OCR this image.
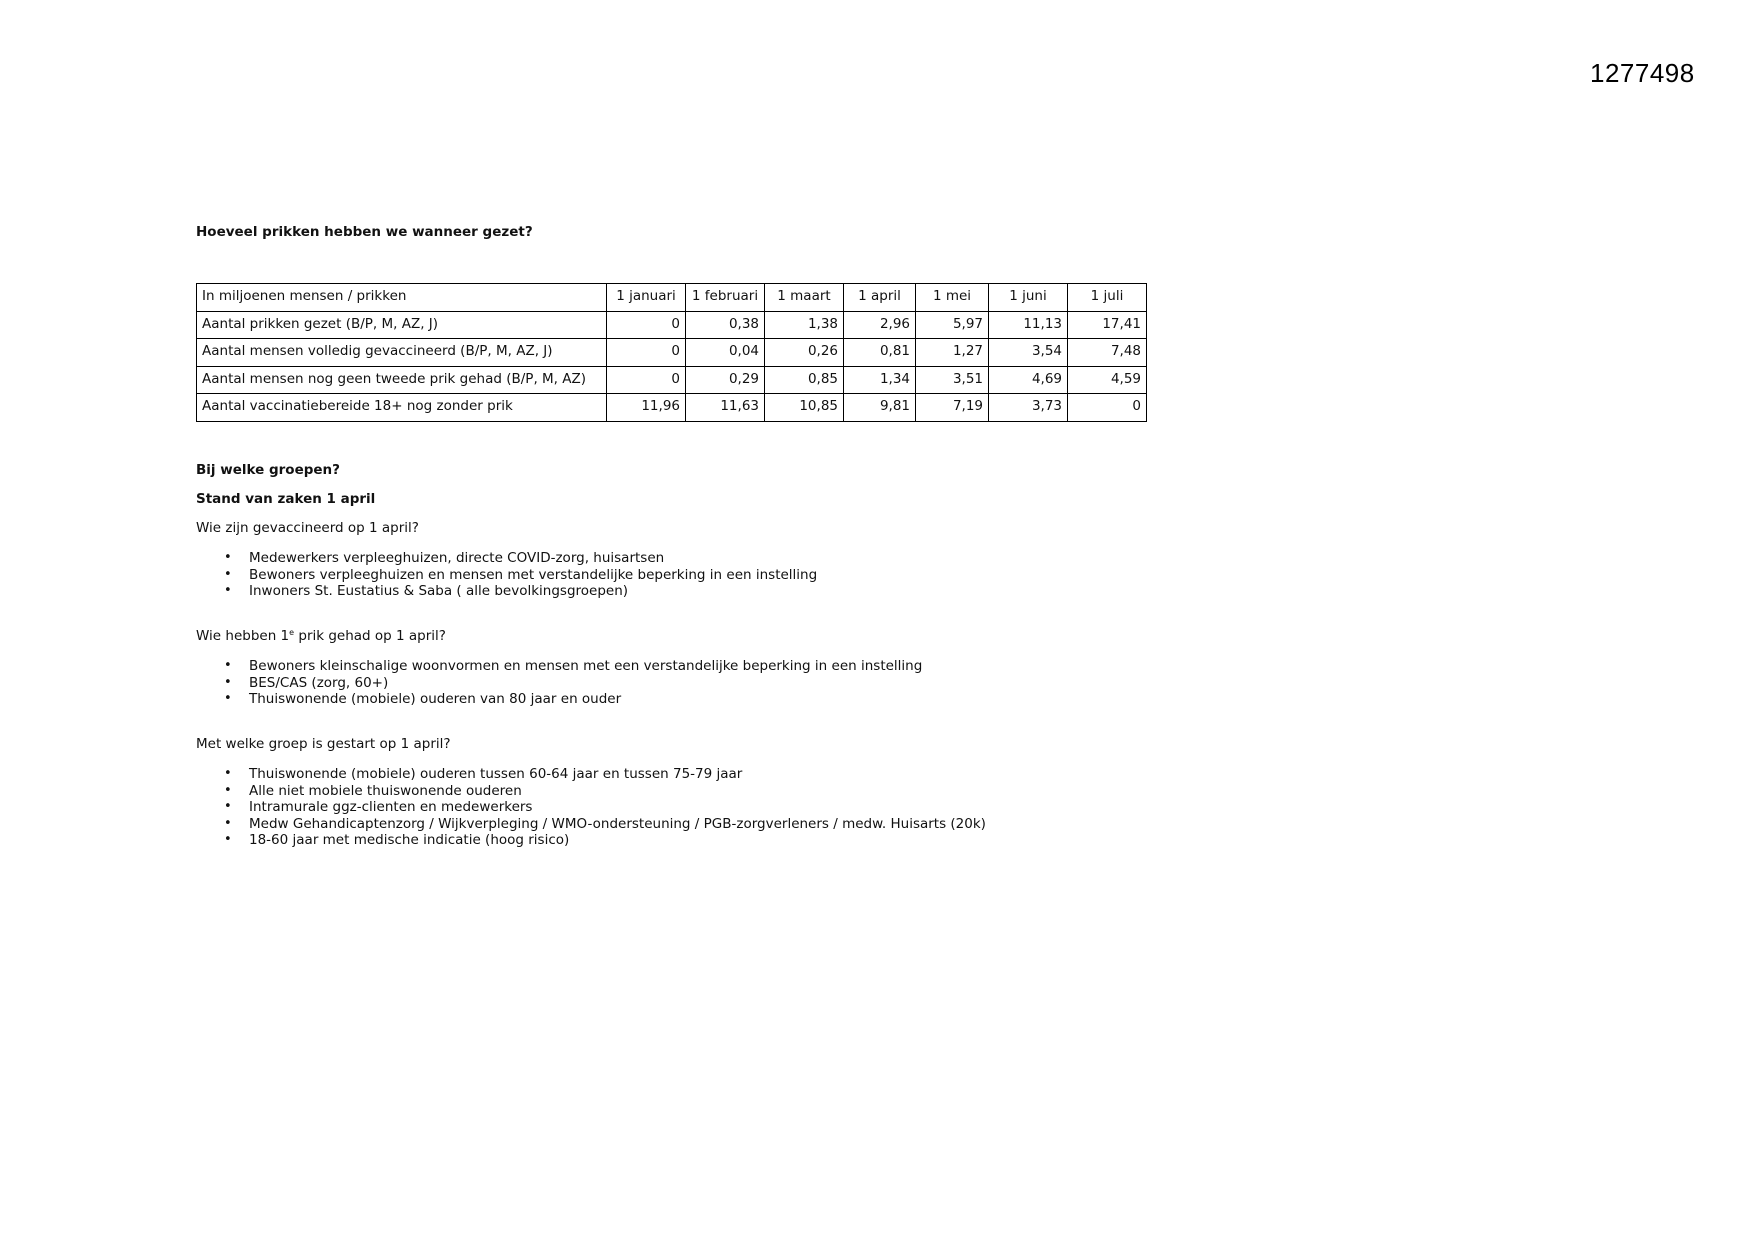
1277498
Hoeveel prikken hebben we wanneer gezet?
In miljoenen mensen / prikken	1 januari	1 februari	1 maart	1 april	1 mei	1 juni	1 juli
Aantal prikken gezet (B/P, M, AZ, J)	0	0,38	1,38	2,96	5,97	11,13	17,41
Aantal mensen volledig gevaccineerd (B/P, M, AZ, J)	0	0,04	0,26	0,81	1,27	3,54	7,48
Aantal mensen nog geen tweede prik gehad (B/P, M, AZ)	0	0,29	0,85	1,34	3,51	4,69	4,59
Aantal vaccinatiebereide 18+ nog zonder prik	11,96	11,63	10,85	9,81	7,19	3,73	0
Bij welke groepen?
Stand van zaken 1 april
Wie zijn gevaccineerd op 1 april?
• Medewerkers verpleeghuizen, directe COVID-zorg, huisartsen
• Bewoners verpleeghuizen en mensen met verstandelijke beperking in een instelling
• Inwoners St. Eustatius & Saba ( alle bevolkingsgroepen)
Wie hebben 1e prik gehad op 1 april?
• Bewoners kleinschalige woonvormen en mensen met een verstandelijke beperking in een instelling
• BES/CAS (zorg, 60+)
• Thuiswonende (mobiele) ouderen van 80 jaar en ouder
Met welke groep is gestart op 1 april?
• Thuiswonende (mobiele) ouderen tussen 60-64 jaar en tussen 75-79 jaar
• Alle niet mobiele thuiswonende ouderen
• Intramurale ggz-clienten en medewerkers
• Medw Gehandicaptenzorg / Wijkverpleging / WMO-ondersteuning / PGB-zorgverleners / medw. Huisarts (20k)
• 18-60 jaar met medische indicatie (hoog risico)
